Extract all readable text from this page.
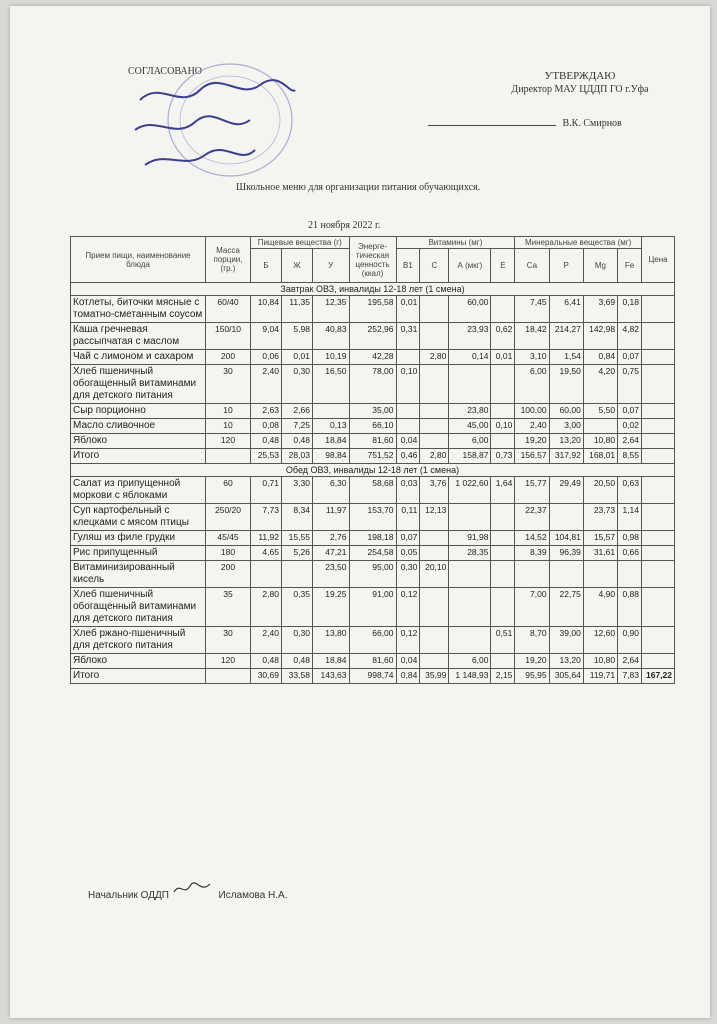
СОГЛАСОВАНО	УТВЕРЖДАЮ
Директор МАУ ЦДДП ГО г.Уфа
В.К. Смирнов
Школьное меню для организации питания обучающихся.
21 ноября 2022 г.
Прием пищи, наименование блюда	Масса порции, (гр.)	Пищевые вещества (г)			Энерге-тическая ценность (ккал)	Витамины (мг)				Минеральные вещества (мг)				Цена
		Б	Ж	У		В1	С	А (мкг)	Е	Са	Р	Mg	Fe	
Завтрак ОВЗ, инвалиды 12-18 лет (1 смена)														
Котлеты, биточки мясные с томатно-сметанным соусом	60/40	10,84	11,35	12,35	195,58	0,01		60,00		7,45	6,41	3,69	0,18	
Каша гречневая рассыпчатая с маслом	150/10	9,04	5,98	40,83	252,96	0,31		23,93	0,62	18,42	214,27	142,98	4,82	
Чай с лимоном и сахаром	200	0,06	0,01	10,19	42,28		2,80	0,14	0,01	3,10	1,54	0,84	0,07	
Хлеб пшеничный обогащенный витаминами для детского питания	30	2,40	0,30	16,50	78,00	0,10				6,00	19,50	4,20	0,75	
Сыр порционно	10	2,63	2,66		35,00			23,80		100,00	60,00	5,50	0,07	
Масло сливочное	10	0,08	7,25	0,13	66,10			45,00	0,10	2,40	3,00		0,02	
Яблоко	120	0,48	0,48	18,84	81,60	0,04		6,00		19,20	13,20	10,80	2,64	
Итого		25,53	28,03	98,84	751,52	0,46	2,80	158,87	0,73	156,57	317,92	168,01	8,55	
Обед ОВЗ, инвалиды 12-18 лет (1 смена)														
Салат из припущенной моркови с яблоками	60	0,71	3,30	6,30	58,68	0,03	3,76	1 022,60	1,64	15,77	29,49	20,50	0,63	
Суп картофельный с клецками с мясом птицы	250/20	7,73	8,34	11,97	153,70	0,11	12,13			22,37		23,73	1,14	
Гуляш из филе грудки	45/45	11,92	15,55	2,76	198,18	0,07		91,98		14,52	104,81	15,57	0,98	
Рис припущенный	180	4,65	5,26	47,21	254,58	0,05		28,35		8,39	96,39	31,61	0,66	
Витаминизированный кисель	200			23,50	95,00	0,30	20,10							
Хлеб пшеничный обогащенный витаминами для детского питания	35	2,80	0,35	19,25	91,00	0,12				7,00	22,75	4,90	0,88	
Хлеб ржано-пшеничный для детского питания	30	2,40	0,30	13,80	66,00	0,12			0,51	8,70	39,00	12,60	0,90	
Яблоко	120	0,48	0,48	18,84	81,60	0,04		6,00		19,20	13,20	10,80	2,64	
Итого		30,69	33,58	143,63	998,74	0,84	35,99	1 148,93	2,15	95,95	305,64	119,71	7,83	167,22
Начальник ОДДП	Исламова Н.А.
